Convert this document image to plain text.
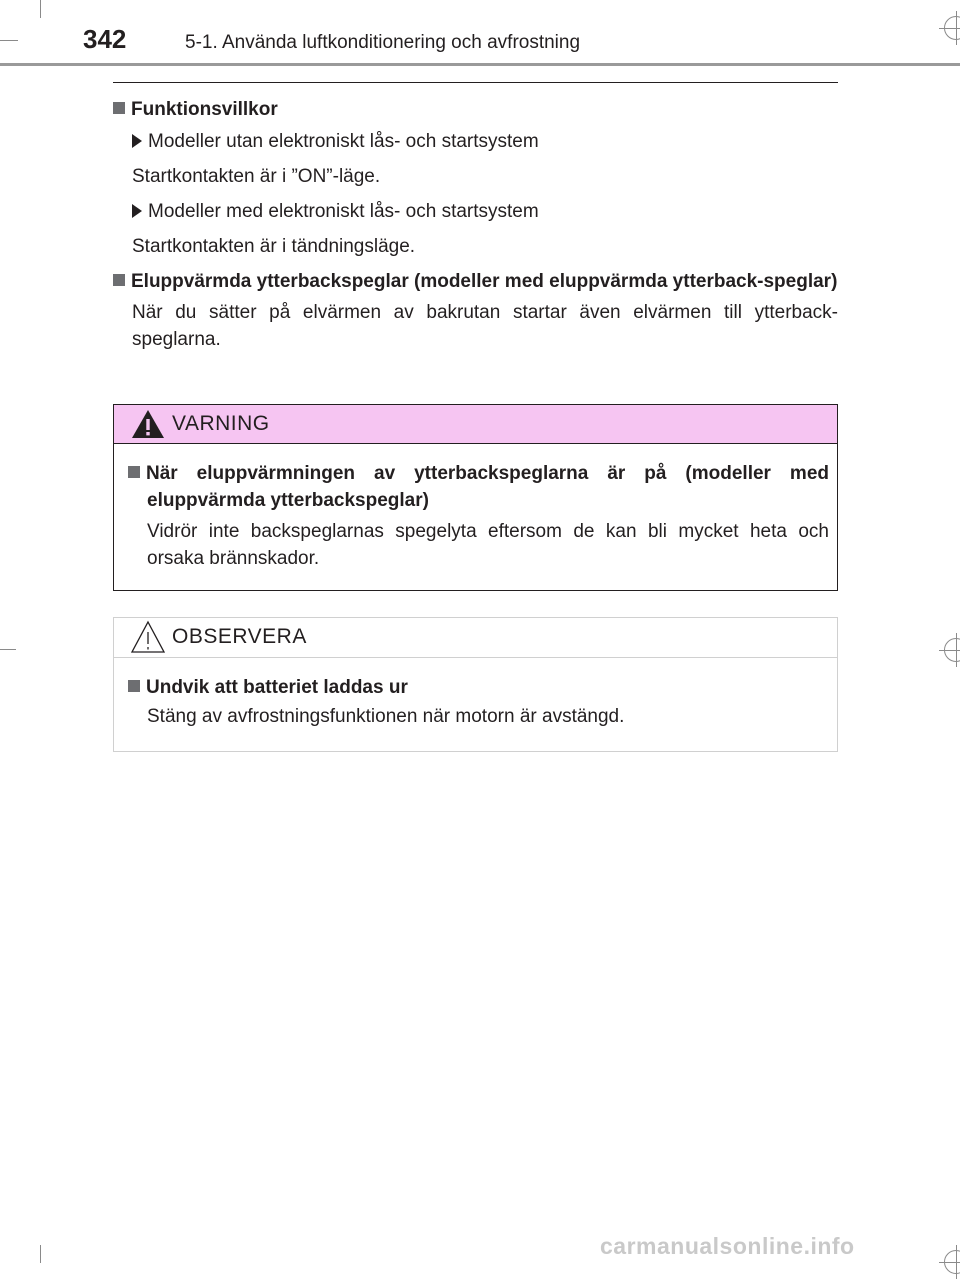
342	5-1. Använda luftkonditionering och avfrostning
Funktionsvillkor
Modeller utan elektroniskt lås- och startsystem

Startkontakten är i ”ON”-läge.

Modeller med elektroniskt lås- och startsystem

Startkontakten är i tändningsläge.

Eluppvärmda ytterbackspeglar (modeller med eluppvärmda ytterback-speglar)

När du sätter på elvärmen av bakrutan startar även elvärmen till ytterback-speglarna.

VARNING
När eluppvärmningen av ytterbackspeglarna är på (modeller med eluppvärmda ytterbackspeglar)

Vidrör inte backspeglarnas spegelyta eftersom de kan bli mycket heta och orsaka brännskador.

OBSERVERA
Undvik att batteriet laddas ur

Stäng av avfrostningsfunktionen när motorn är avstängd.

carmanualsonline.info
